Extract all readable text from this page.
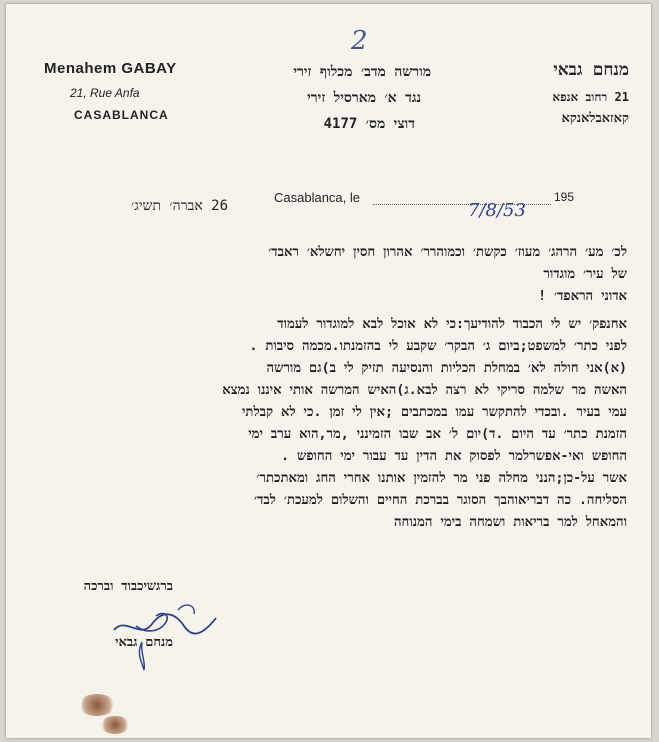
2
Menahem GABAY
21, Rue Anfa
CASABLANCA
מנחם גבאי
21 רחוב אנפא
קאזאבלאנקא
מורשה מדב׳ מכלוף זירי
נגד א׳ מארסיל זירי
דוצי מס׳ 4177
Casablanca, le	195
7/8/53
26 אברה׳ תשיג׳
לכ׳ מע׳ הרהג׳ מעוז׳ כקשת׳ וכמוהרר׳ אהרון חסין יחשלא׳ ראבד׳
של עיר׳ מוגדור
אדוני הראפד׳ !
אחנפק׳ יש לי הכבוד להודיעך:כי לא אוכל לבא למוגדור לעמוד
לפני כתר׳ למשפט;ביום ג׳ הבקר׳ שקבע לי בהזמנתו.מכמה סיבות .
(א)אני חולה לא׳ במחלת הכליות והנסיעה תזיק לי ב)גם מורשה
האשה מר שלמה סריקי לא רצה לבא.ג)האיש המרשה אותי איננו נמצא
עמי בעיר .ובכדי להתקשר עמו במכתבים ;אין לי זמן .כי לא קבלתי
הזמנת כתר׳ עד היום .ד)יום ל׳ אב שבו הזמינני ,מר,הוא ערב ימי
החופש ואי-אפשרלמר לפסוק את הדין עד עבור ימי החופש .
אשר על-כן;הנני מחלה פני מר להזמין אותנו אחרי החג ומאתכתר׳
הסליחה. כה דבריאוהבך הסוגר בברכת החיים והשלום למעכת׳ לבד׳
והמאחל למר בריאות ושמחה בימי המנוחה
ברגשיכבוד וברכה
מנחם גבאי
